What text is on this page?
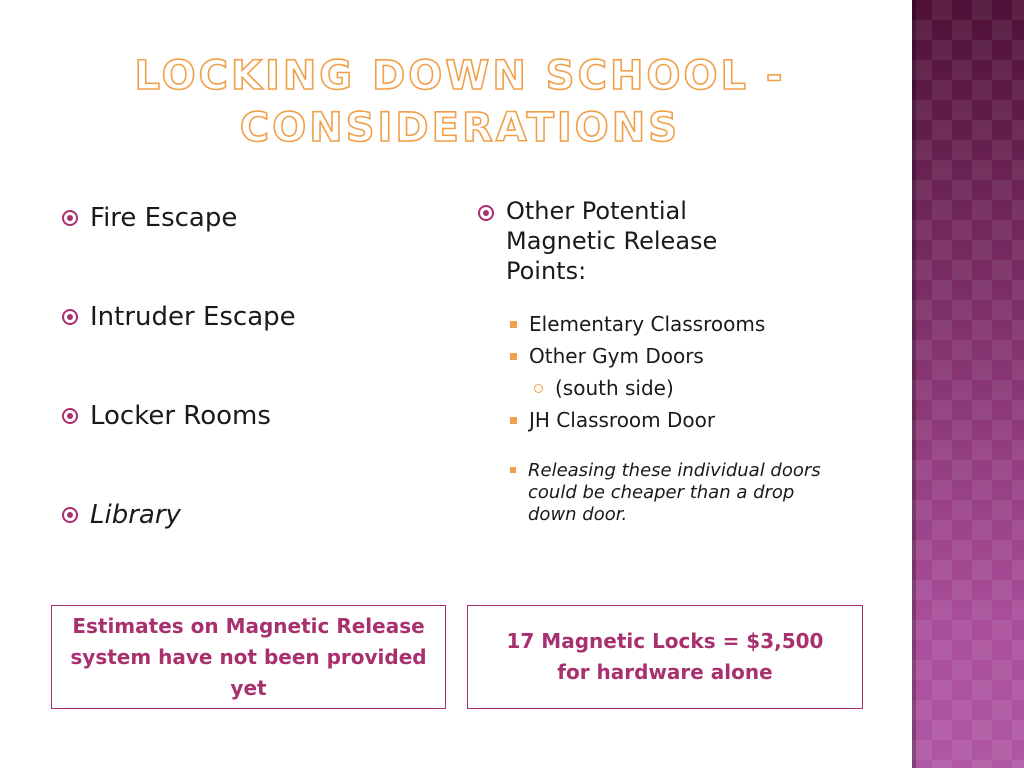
LOCKING DOWN SCHOOL - CONSIDERATIONS
Fire Escape
Intruder Escape
Locker Rooms
Library
Other Potential Magnetic Release Points:
Elementary Classrooms
Other Gym Doors
(south side)
JH Classroom Door
Releasing these individual doors could be cheaper than a drop down door.
Estimates on Magnetic Release system have not been provided yet
17 Magnetic Locks = $3,500 for hardware alone
